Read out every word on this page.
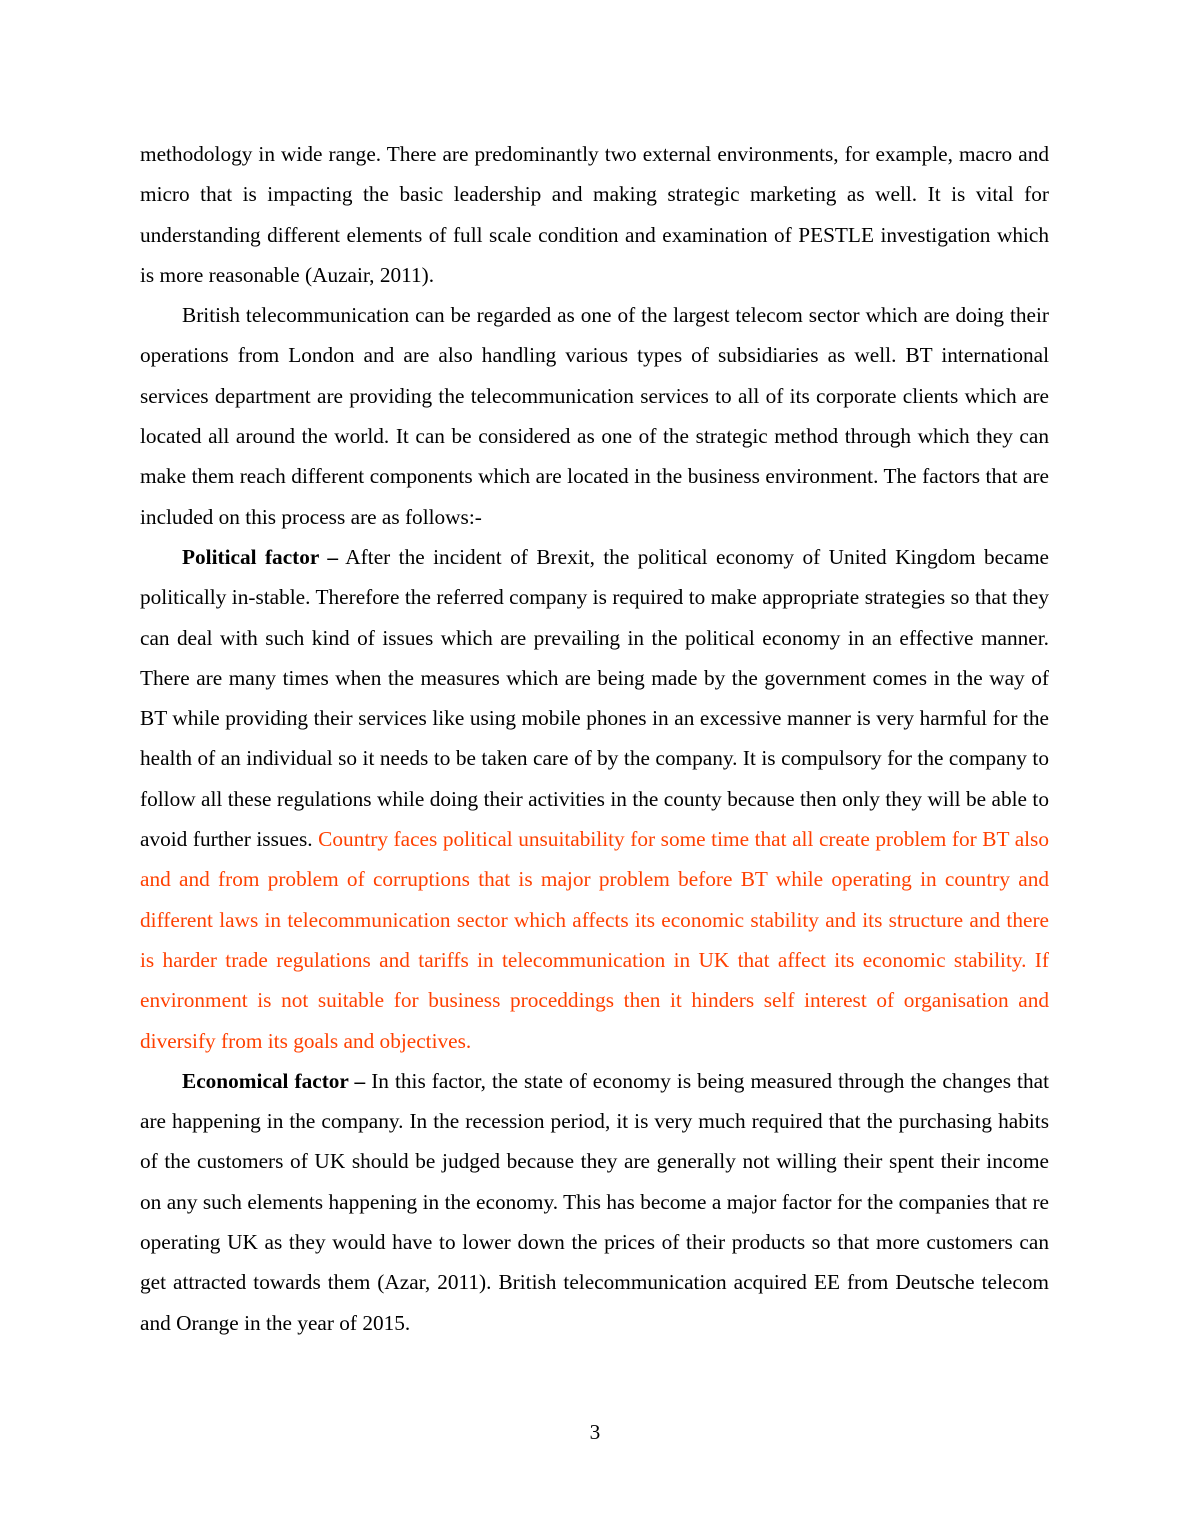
methodology in wide range. There are predominantly two external environments, for example, macro and micro that is impacting the basic leadership and making strategic marketing as well. It is vital for understanding different elements of full scale condition and examination of PESTLE investigation which is more reasonable (Auzair, 2011).

British telecommunication can be regarded as one of the largest telecom sector which are doing their operations from London and are also handling various types of subsidiaries as well. BT international services department are providing the telecommunication services to all of its corporate clients which are located all around the world. It can be considered as one of the strategic method through which they can make them reach different components which are located in the business environment. The factors that are included on this process are as follows:-

Political factor – After the incident of Brexit, the political economy of United Kingdom became politically in-stable. Therefore the referred company is required to make appropriate strategies so that they can deal with such kind of issues which are prevailing in the political economy in an effective manner. There are many times when the measures which are being made by the government comes in the way of BT while providing their services like using mobile phones in an excessive manner is very harmful for the health of an individual so it needs to be taken care of by the company. It is compulsory for the company to follow all these regulations while doing their activities in the county because then only they will be able to avoid further issues. Country faces political unsuitability for some time that all create problem for BT also and and from problem of corruptions that is major problem before BT while operating in country and different laws in telecommunication sector which affects its economic stability and its structure and there is harder trade regulations and tariffs in telecommunication in UK that affect its economic stability. If environment is not suitable for business proceddings then it hinders self interest of organisation and diversify from its goals and objectives.

Economical factor – In this factor, the state of economy is being measured through the changes that are happening in the company. In the recession period, it is very much required that the purchasing habits of the customers of UK should be judged because they are generally not willing their spent their income on any such elements happening in the economy. This has become a major factor for the companies that re operating UK as they would have to lower down the prices of their products so that more customers can get attracted towards them (Azar, 2011). British telecommunication acquired EE from Deutsche telecom and Orange in the year of 2015.

3
